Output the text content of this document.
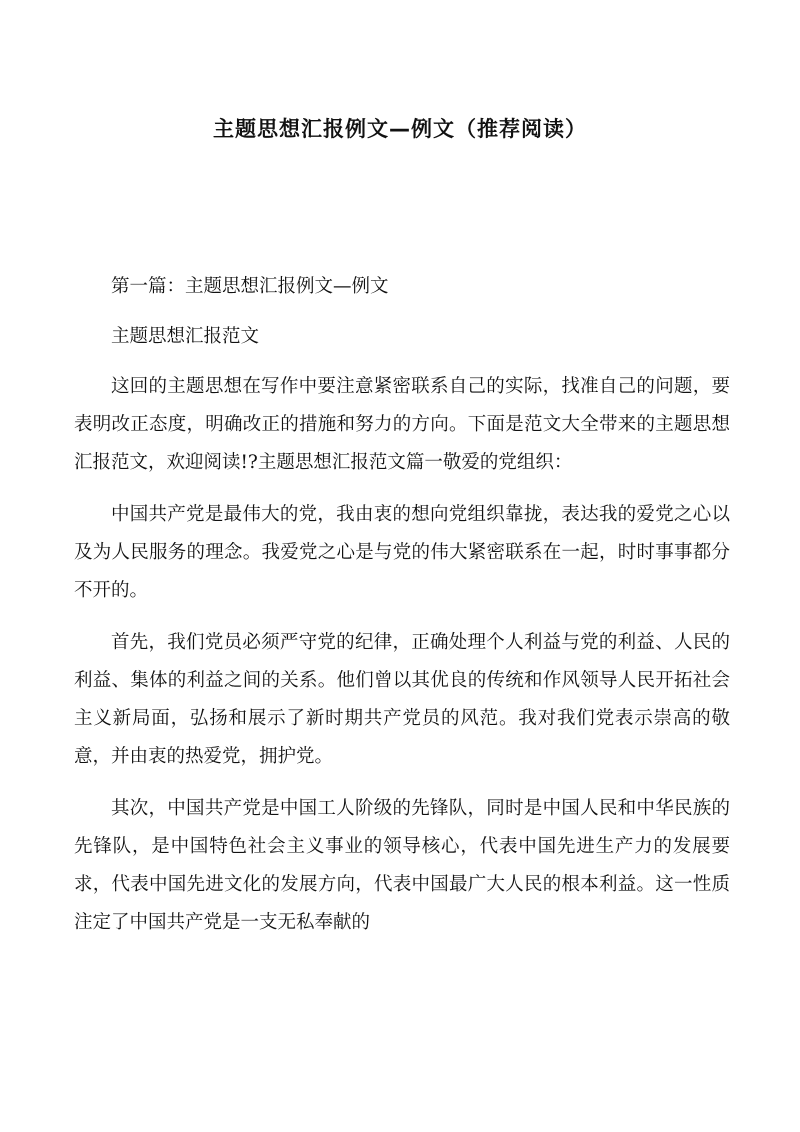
主题思想汇报例文—例文（推荐阅读）

第一篇：主题思想汇报例文—例文

主题思想汇报范文

这回的主题思想在写作中要注意紧密联系自己的实际，找准自己的问题，要表明改正态度，明确改正的措施和努力的方向。下面是范文大全带来的主题思想汇报范文，欢迎阅读!?主题思想汇报范文篇一敬爱的党组织：

中国共产党是最伟大的党，我由衷的想向党组织靠拢，表达我的爱党之心以及为人民服务的理念。我爱党之心是与党的伟大紧密联系在一起，时时事事都分不开的。

首先，我们党员必须严守党的纪律，正确处理个人利益与党的利益、人民的利益、集体的利益之间的关系。他们曾以其优良的传统和作风领导人民开拓社会主义新局面，弘扬和展示了新时期共产党员的风范。我对我们党表示崇高的敬意，并由衷的热爱党，拥护党。

其次，中国共产党是中国工人阶级的先锋队，同时是中国人民和中华民族的先锋队，是中国特色社会主义事业的领导核心，代表中国先进生产力的发展要求，代表中国先进文化的发展方向，代表中国最广大人民的根本利益。这一性质注定了中国共产党是一支无私奉献的
